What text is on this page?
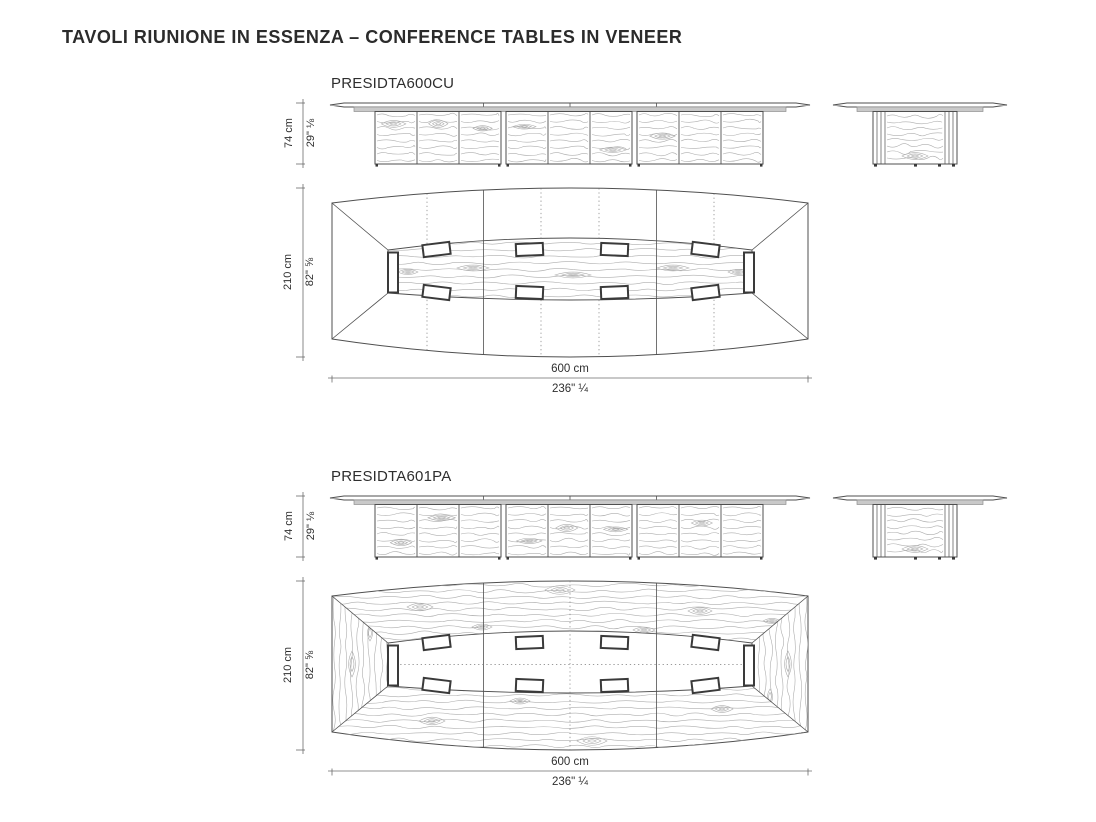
TAVOLI RIUNIONE IN ESSENZA – CONFERENCE TABLES IN VENEER
PRESIDTA600CU
PRESIDTA601PA
74 cm 29" ⅛
210 cm 82" ⅝
600 cm
236" ¼
74 cm 29" ⅛
210 cm 82" ⅝
600 cm
236" ¼
